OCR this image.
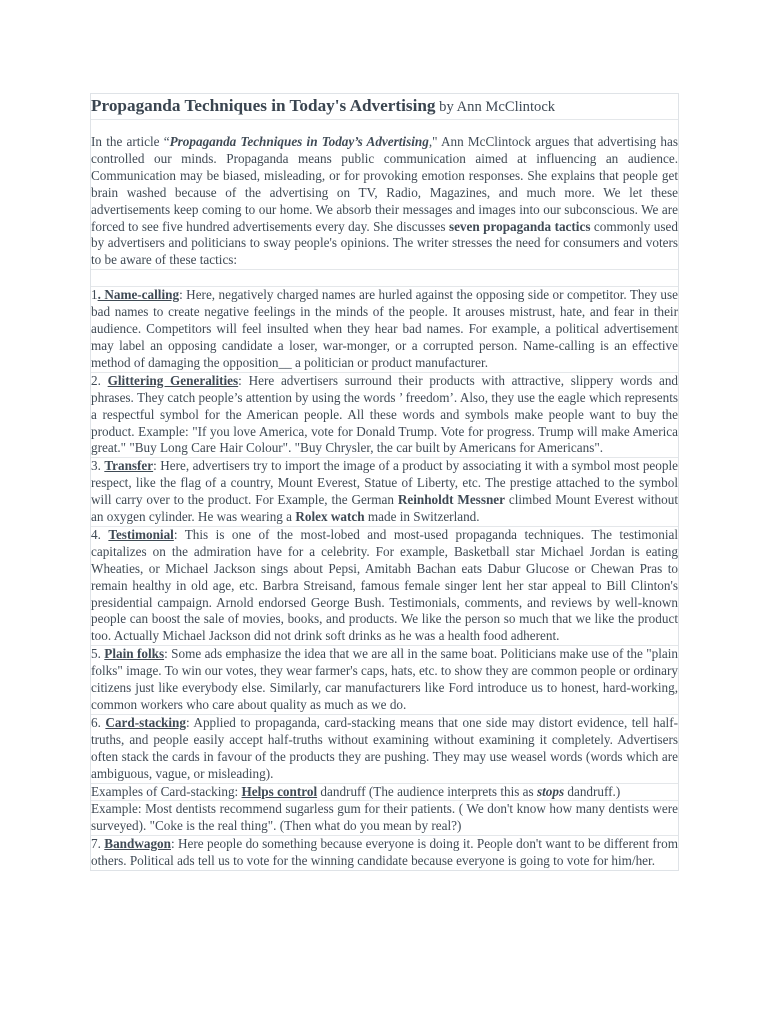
Propaganda Techniques in Today's Advertising by Ann McClintock
In the article “Propaganda Techniques in Today’s Advertising," Ann McClintock argues that advertising has controlled our minds. Propaganda means public communication aimed at influencing an audience. Communication may be biased, misleading, or for provoking emotion responses. She explains that people get brain washed because of the advertising on TV, Radio, Magazines, and much more. We let these advertisements keep coming to our home. We absorb their messages and images into our subconscious. We are forced to see five hundred advertisements every day. She discusses seven propaganda tactics commonly used by advertisers and politicians to sway people's opinions. The writer stresses the need for consumers and voters to be aware of these tactics:
1. Name-calling: Here, negatively charged names are hurled against the opposing side or competitor. They use bad names to create negative feelings in the minds of the people. It arouses mistrust, hate, and fear in their audience. Competitors will feel insulted when they hear bad names. For example, a political advertisement may label an opposing candidate a loser, war-monger, or a corrupted person. Name-calling is an effective method of damaging the opposition__ a politician or product manufacturer.
2. Glittering Generalities: Here advertisers surround their products with attractive, slippery words and phrases. They catch people’s attention by using the words ’ freedom’. Also, they use the eagle which represents a respectful symbol for the American people. All these words and symbols make people want to buy the product. Example: "If you love America, vote for Donald Trump. Vote for progress. Trump will make America great." "Buy Long Care Hair Colour". "Buy Chrysler, the car built by Americans for Americans".
3. Transfer: Here, advertisers try to import the image of a product by associating it with a symbol most people respect, like the flag of a country, Mount Everest, Statue of Liberty, etc. The prestige attached to the symbol will carry over to the product. For Example, the German Reinholdt Messner climbed Mount Everest without an oxygen cylinder. He was wearing a Rolex watch made in Switzerland.
4. Testimonial: This is one of the most-lobed and most-used propaganda techniques. The testimonial capitalizes on the admiration have for a celebrity. For example, Basketball star Michael Jordan is eating Wheaties, or Michael Jackson sings about Pepsi, Amitabh Bachan eats Dabur Glucose or Chewan Pras to remain healthy in old age, etc. Barbra Streisand, famous female singer lent her star appeal to Bill Clinton's presidential campaign. Arnold endorsed George Bush. Testimonials, comments, and reviews by well-known people can boost the sale of movies, books, and products. We like the person so much that we like the product too. Actually Michael Jackson did not drink soft drinks as he was a health food adherent.
5. Plain folks: Some ads emphasize the idea that we are all in the same boat. Politicians make use of the "plain folks" image. To win our votes, they wear farmer's caps, hats, etc. to show they are common people or ordinary citizens just like everybody else. Similarly, car manufacturers like Ford introduce us to honest, hard-working, common workers who care about quality as much as we do.
6. Card-stacking: Applied to propaganda, card-stacking means that one side may distort evidence, tell half-truths, and people easily accept half-truths without examining without examining it completely. Advertisers often stack the cards in favour of the products they are pushing. They may use weasel words (words which are ambiguous, vague, or misleading).
Examples of Card-stacking: Helps control dandruff (The audience interprets this as stops dandruff.)
Example: Most dentists recommend sugarless gum for their patients. ( We don't know how many dentists were surveyed). "Coke is the real thing". (Then what do you mean by real?)
7. Bandwagon: Here people do something because everyone is doing it. People don't want to be different from others. Political ads tell us to vote for the winning candidate because everyone is going to vote for him/her.
